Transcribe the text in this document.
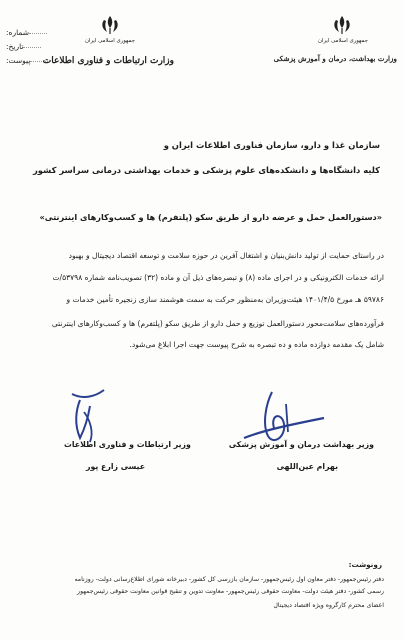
شماره:
تاریخ:
پیوست:
جمهوری اسلامی ایران
وزارت ارتباطات و فناوری اطلاعات
جمهوری اسلامی ایران
وزارت بهداشت، درمان و آموزش پزشکی
سازمان غذا و دارو، سازمان فناوری اطلاعات ایران و
کلیه دانشگاه‌ها و دانشکده‌های علوم پزشکی و خدمات بهداشتی درمانی سراسر کشور
«دستورالعمل حمل و عرضه دارو از طریق سکو (پلتفرم) ها و کسب‌وکارهای اینترنتی»
در راستای حمایت از تولید دانش‌بنیان و اشتغال آفرین در حوزه سلامت و توسعه اقتصاد دیجیتال و بهبود
ارائه خدمات الکترونیکی و در اجرای ماده (۸) و تبصره‌های ذیل آن و ماده (۳۲) تصویب‌نامه شماره ۵۳۷۹۸/ت
۵۹۷۸۶ هـ مورخ ۱۴۰۱/۴/۵ هیئت‌وزیران به‌منظور حرکت به سمت هوشمند سازی زنجیره تأمین خدمات و
فرآورده‌های سلامت‌محور دستورالعمل توزیع و حمل دارو از طریق سکو (پلتفرم) ها و کسب‌وکارهای اینترنتی
شامل یک مقدمه دوازده ماده و ده تبصره به شرح پیوست جهت اجرا ابلاغ می‌شود.
وزیر بهداشت درمان و آموزش پزشکی
بهرام عین‌اللهی
وزیر ارتباطات و فناوری اطلاعات
عیسی زارع پور
رونوشت:
دفتر رئیس‌جمهور- دفتر معاون اول رئیس‌جمهور- سازمان بازرسی کل کشور- دبیرخانه شورای اطلاع‌رسانی دولت- روزنامه
رسمی کشور- دفتر هیئت دولت- معاونت حقوقی رئیس‌جمهور- معاونت تدوین و تنقیح قوانین معاونت حقوقی رئیس‌جمهور
اعضای محترم کارگروه ویژه اقتصاد دیجیتال
